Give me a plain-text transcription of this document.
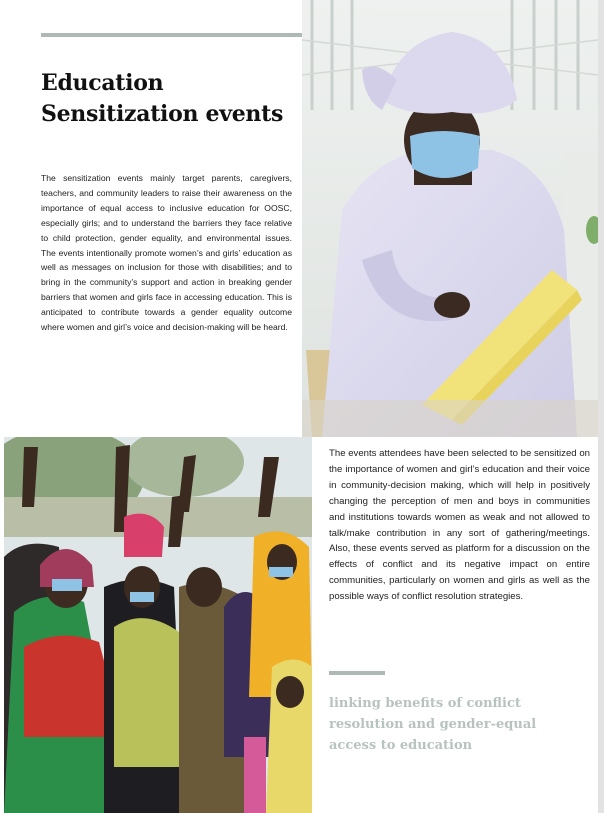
Education
Sensitization events

The sensitization events mainly target parents, caregivers, teachers, and community leaders to raise their awareness on the importance of equal access to inclusive education for OOSC, especially girls; and to understand the barriers they face relative to child protection, gender equality, and environmental issues. The events intentionally promote women’s and girls’ education as well as messages on inclusion for those with disabilities; and to bring in the community’s support and action in breaking gender barriers that women and girls face in accessing education. This is anticipated to contribute towards a gender equality outcome where women and girl’s voice and decision-making will be heard.

The events attendees have been selected to be sensitized on the importance of women and girl’s education and their voice in community-decision making, which will help in positively changing the perception of men and boys in communities and institutions towards women as weak and not allowed to talk/make contribution in any sort of gathering/meetings. Also, these events served as platform for a discussion on the effects of conflict and its negative impact on entire communities, particularly on women and girls as well as the possible ways of conflict resolution strategies.

linking benefits of conflict
resolution and gender-equal
access to education
